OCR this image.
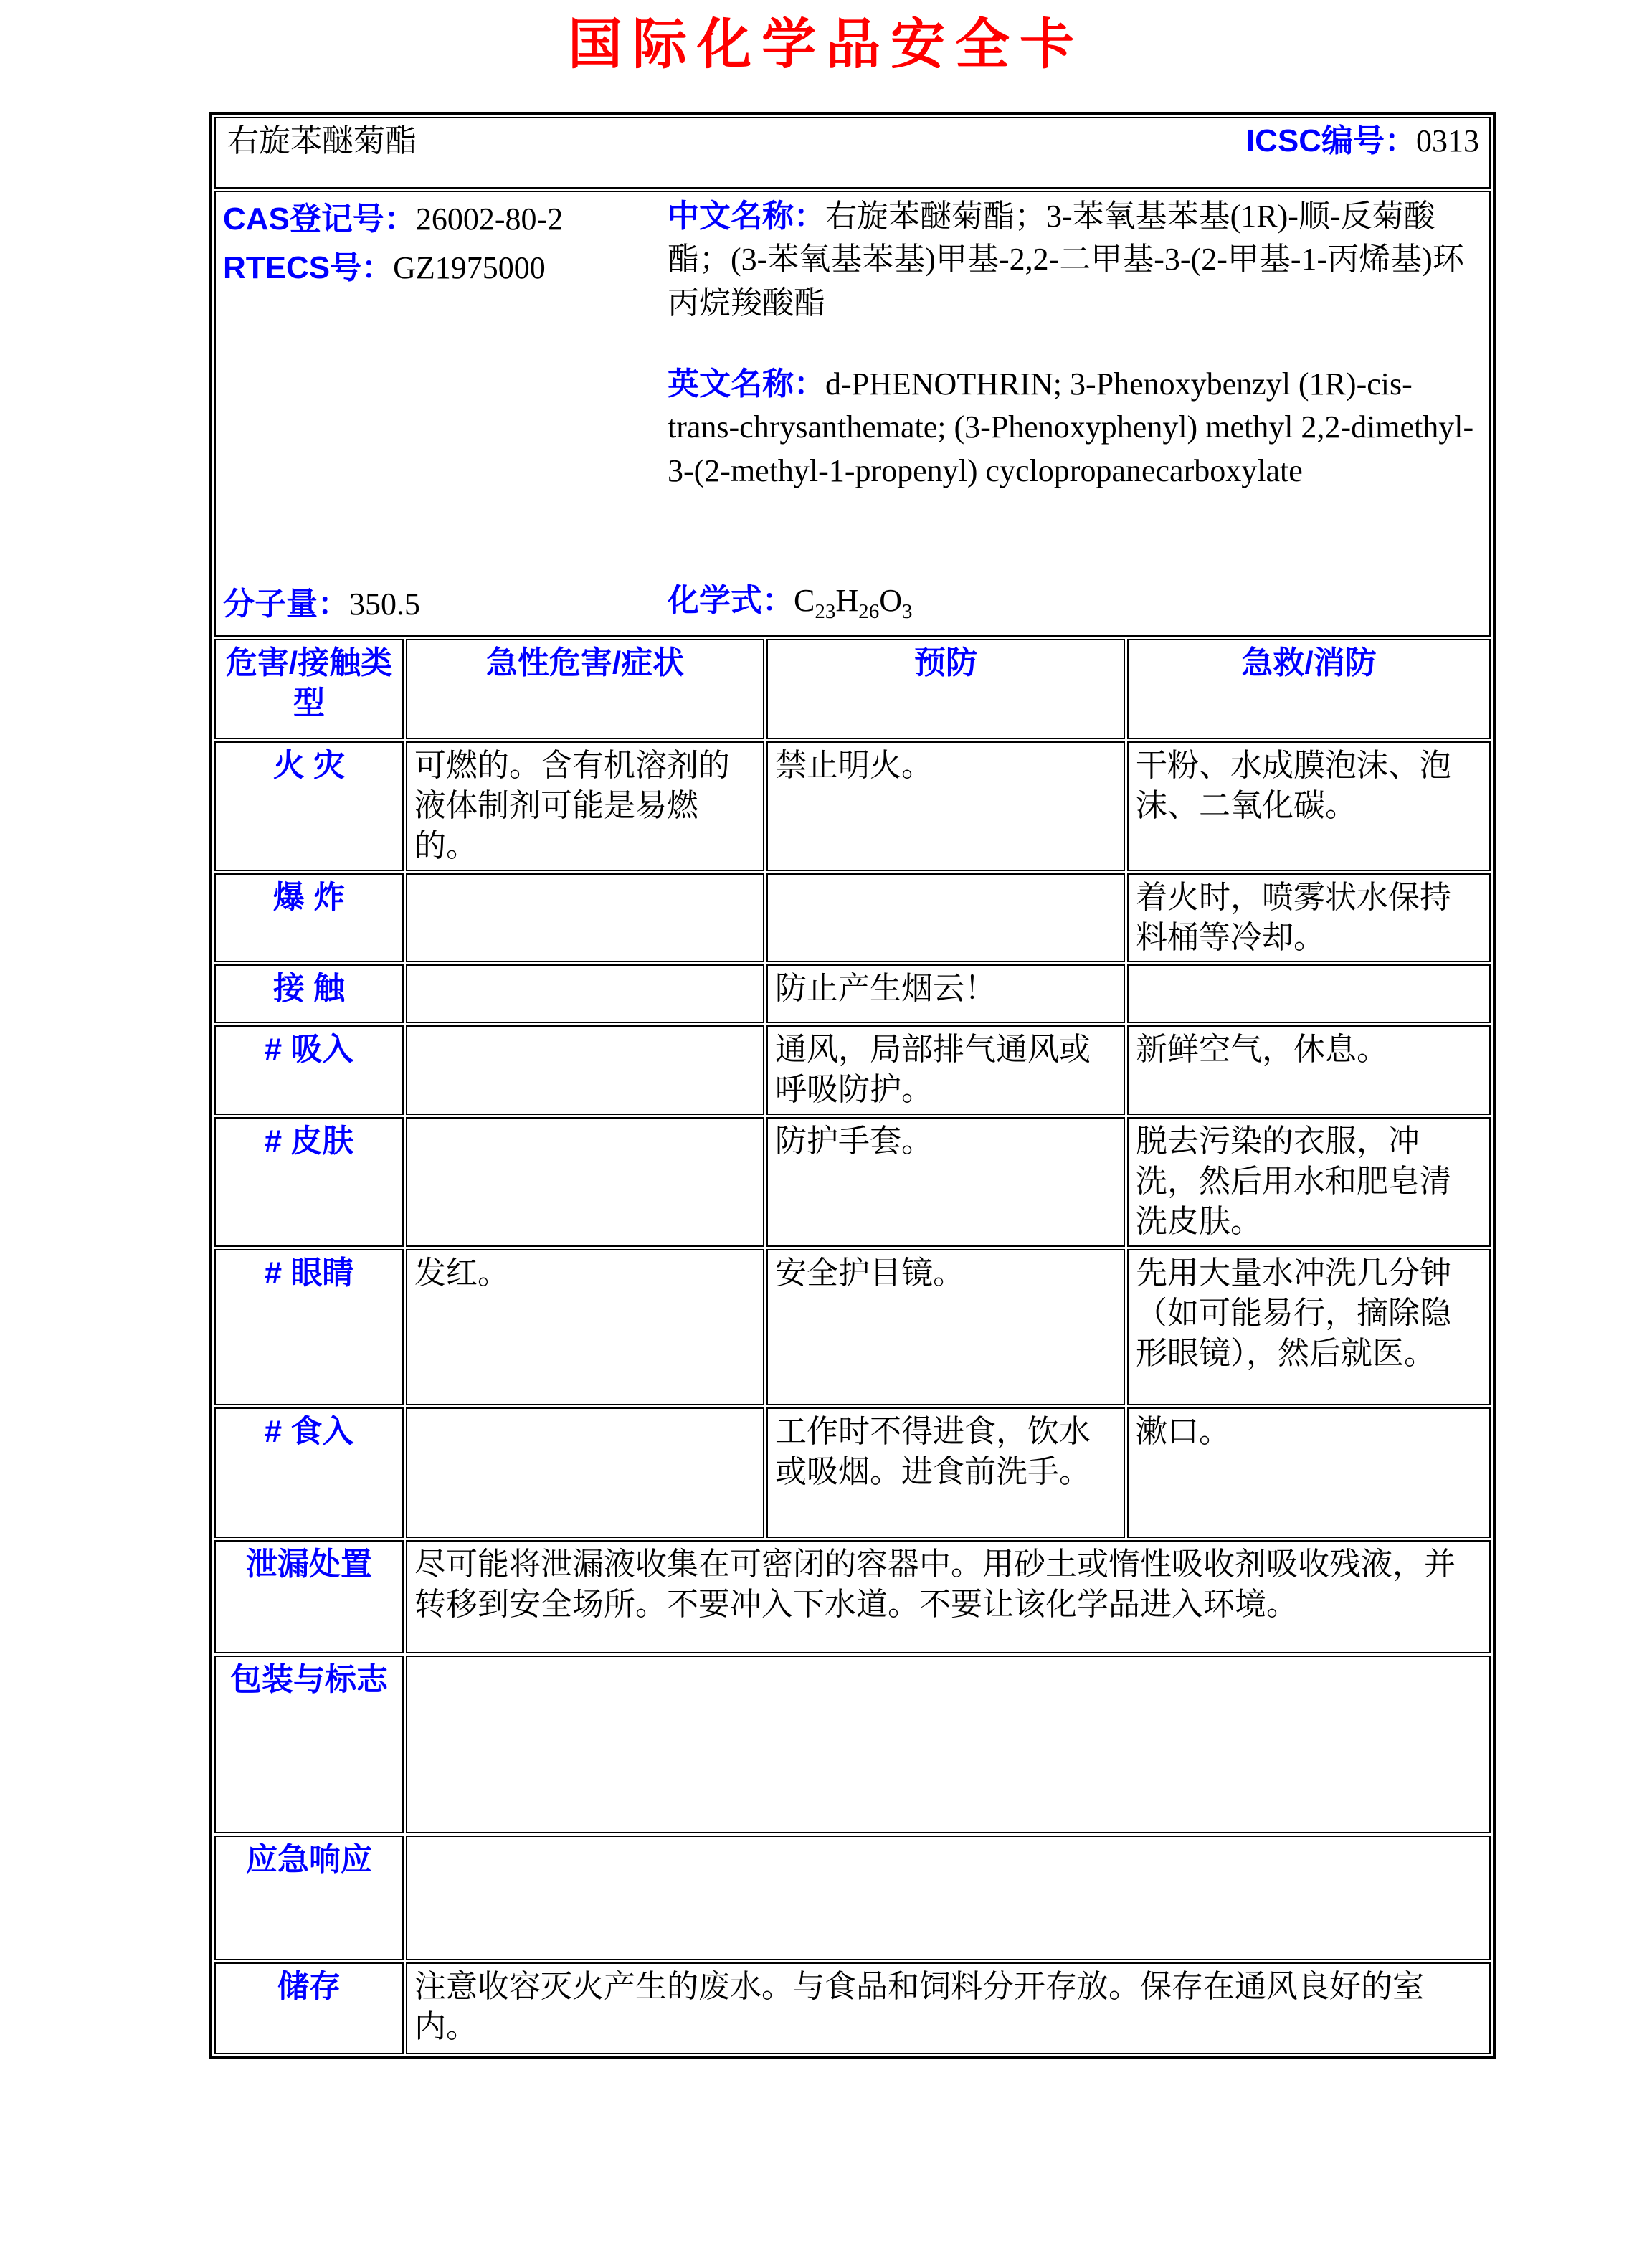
国际化学品安全卡
右旋苯醚菊酯 ICSC编号：0313			

CAS登记号：26002-80-2
RTECS号：GZ1975000
分子量：350.5

中文名称：右旋苯醚菊酯；3-苯氧基苯基(1R)-顺-反菊酸酯；(3-苯氧基苯基)甲基-2,2-二甲基-3-(2-甲基-1-丙烯基)环丙烷羧酸酯

英文名称：d-PHENOTHRIN; 3-Phenoxybenzyl (1R)-cis-trans-chrysanthemate; (3-Phenoxyphenyl) methyl 2,2-dimethyl-3-(2-methyl-1-propenyl) cyclopropanecarboxylate

化学式：$C_{23}H_{26}O_3$

危害/接触类型	急性危害/症状	预防	急救/消防
火 灾	可燃的。含有机溶剂的液体制剂可能是易燃的。	禁止明火。	干粉、水成膜泡沫、泡沫、二氧化碳。
爆 炸			着火时，喷雾状水保持料桶等冷却。
接 触		防止产生烟云！	
# 吸入		通风，局部排气通风或呼吸防护。	新鲜空气，休息。
# 皮肤		防护手套。	脱去污染的衣服，冲洗，然后用水和肥皂清洗皮肤。
# 眼睛	发红。	安全护目镜。	先用大量水冲洗几分钟（如可能易行，摘除隐形眼镜），然后就医。
# 食入		工作时不得进食，饮水或吸烟。进食前洗手。	漱口。
泄漏处置	尽可能将泄漏液收集在可密闭的容器中。用砂土或惰性吸收剂吸收残液，并转移到安全场所。不要冲入下水道。不要让该化学品进入环境。		
包装与标志			
应急响应			
储存	注意收容灭火产生的废水。与食品和饲料分开存放。保存在通风良好的室内。		
